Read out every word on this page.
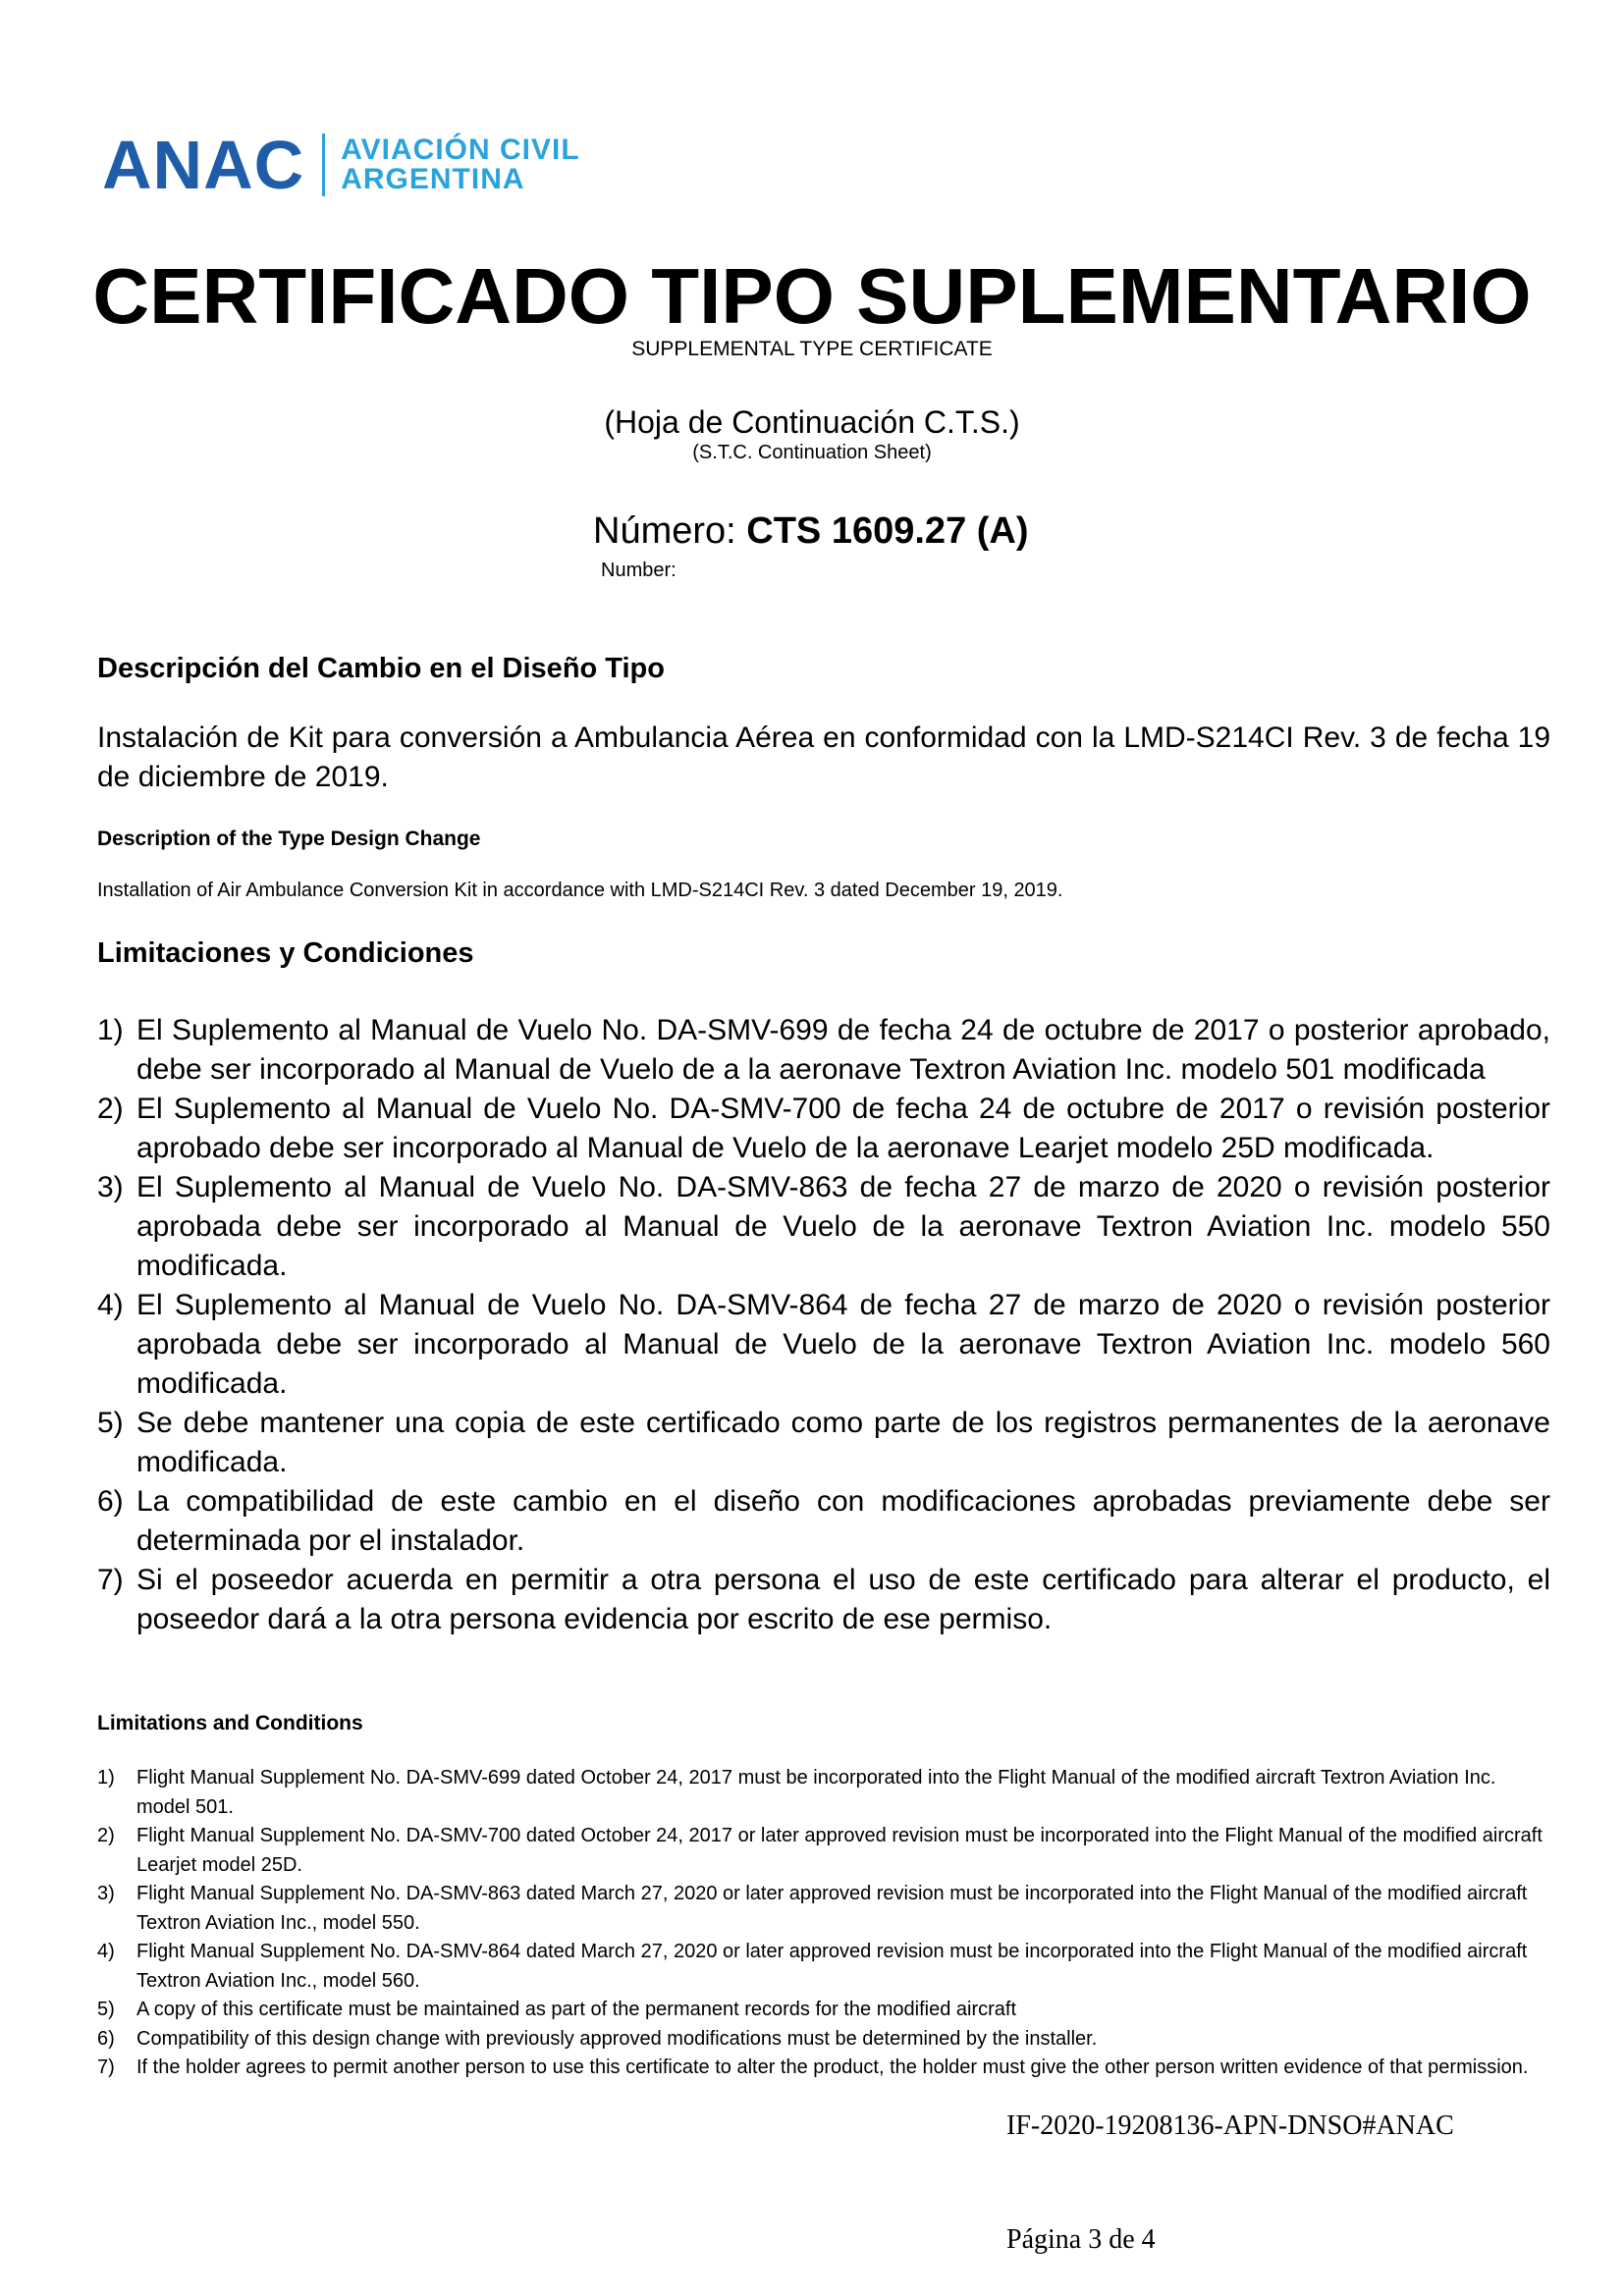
ANAC AVIACIÓN CIVIL
ARGENTINA
CERTIFICADO TIPO SUPLEMENTARIO
SUPPLEMENTAL TYPE CERTIFICATE
(Hoja de Continuación C.T.S.)
(S.T.C. Continuation Sheet)
Número: CTS 1609.27 (A)
Number:
Descripción del Cambio en el Diseño Tipo
Instalación de Kit para conversión a Ambulancia Aérea en conformidad con la LMD-S214CI Rev. 3 de fecha 19 de diciembre de 2019.
Description of the Type Design Change
Installation of Air Ambulance Conversion Kit in accordance with LMD-S214CI Rev. 3 dated December 19, 2019.
Limitaciones y Condiciones
1) El Suplemento al Manual de Vuelo No. DA-SMV-699 de fecha 24 de octubre de 2017 o posterior aprobado, debe ser incorporado al Manual de Vuelo de a la aeronave Textron Aviation Inc. modelo 501 modificada
2) El Suplemento al Manual de Vuelo No. DA-SMV-700 de fecha 24 de octubre de 2017 o revisión posterior aprobado debe ser incorporado al Manual de Vuelo de la aeronave Learjet modelo 25D modificada.
3) El Suplemento al Manual de Vuelo No. DA-SMV-863 de fecha 27 de marzo de 2020 o revisión posterior aprobada debe ser incorporado al Manual de Vuelo de la aeronave Textron Aviation Inc. modelo 550 modificada.
4) El Suplemento al Manual de Vuelo No. DA-SMV-864 de fecha 27 de marzo de 2020 o revisión posterior aprobada debe ser incorporado al Manual de Vuelo de la aeronave Textron Aviation Inc. modelo 560 modificada.
5) Se debe mantener una copia de este certificado como parte de los registros permanentes de la aeronave modificada.
6) La compatibilidad de este cambio en el diseño con modificaciones aprobadas previamente debe ser determinada por el instalador.
7) Si el poseedor acuerda en permitir a otra persona el uso de este certificado para alterar el producto, el poseedor dará a la otra persona evidencia por escrito de ese permiso.
Limitations and Conditions
1)	Flight Manual Supplement No. DA-SMV-699 dated October 24, 2017 must be incorporated into the Flight Manual of the modified aircraft Textron Aviation Inc. model 501.
2)	Flight Manual Supplement No. DA-SMV-700 dated October 24, 2017 or later approved revision must be incorporated into the Flight Manual of the modified aircraft Learjet model 25D.
3)	Flight Manual Supplement No. DA-SMV-863 dated March 27, 2020 or later approved revision must be incorporated into the Flight Manual of the modified aircraft Textron Aviation Inc., model 550.
4)	Flight Manual Supplement No. DA-SMV-864 dated March 27, 2020 or later approved revision must be incorporated into the Flight Manual of the modified aircraft Textron Aviation Inc., model 560.
5)	A copy of this certificate must be maintained as part of the permanent records for the modified aircraft
6)	Compatibility of this design change with previously approved modifications must be determined by the installer.
7)	If the holder agrees to permit another person to use this certificate to alter the product, the holder must give the other person written evidence of that permission.
IF-2020-19208136-APN-DNSO#ANAC
Página 3 de 4
